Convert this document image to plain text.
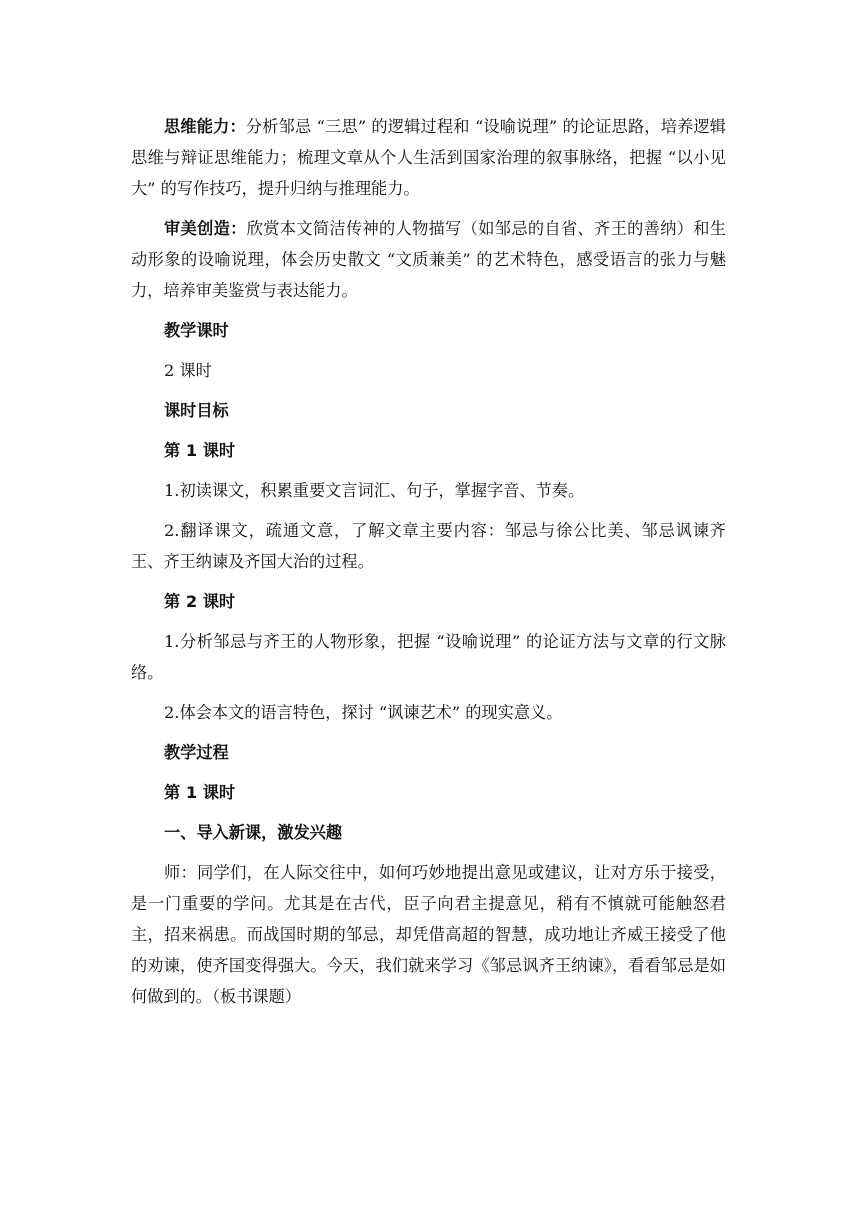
思维能力：分析邹忌 “三思” 的逻辑过程和 “设喻说理” 的论证思路，培养逻辑思维与辩证思维能力；梳理文章从个人生活到国家治理的叙事脉络，把握 “以小见大” 的写作技巧，提升归纳与推理能力。

审美创造：欣赏本文简洁传神的人物描写（如邹忌的自省、齐王的善纳）和生动形象的设喻说理，体会历史散文 “文质兼美” 的艺术特色，感受语言的张力与魅力，培养审美鉴赏与表达能力。

教学课时

2 课时

课时目标

第 1 课时

1.初读课文，积累重要文言词汇、句子，掌握字音、节奏。

2.翻译课文，疏通文意，了解文章主要内容：邹忌与徐公比美、邹忌讽谏齐王、齐王纳谏及齐国大治的过程。

第 2 课时

1.分析邹忌与齐王的人物形象，把握 “设喻说理” 的论证方法与文章的行文脉络。

2.体会本文的语言特色，探讨 “讽谏艺术” 的现实意义。

教学过程

第 1 课时

一、导入新课，激发兴趣

师：同学们，在人际交往中，如何巧妙地提出意见或建议，让对方乐于接受，是一门重要的学问。尤其是在古代，臣子向君主提意见，稍有不慎就可能触怒君主，招来祸患。而战国时期的邹忌，却凭借高超的智慧，成功地让齐威王接受了他的劝谏，使齐国变得强大。今天，我们就来学习《邹忌讽齐王纳谏》，看看邹忌是如何做到的。（板书课题）
